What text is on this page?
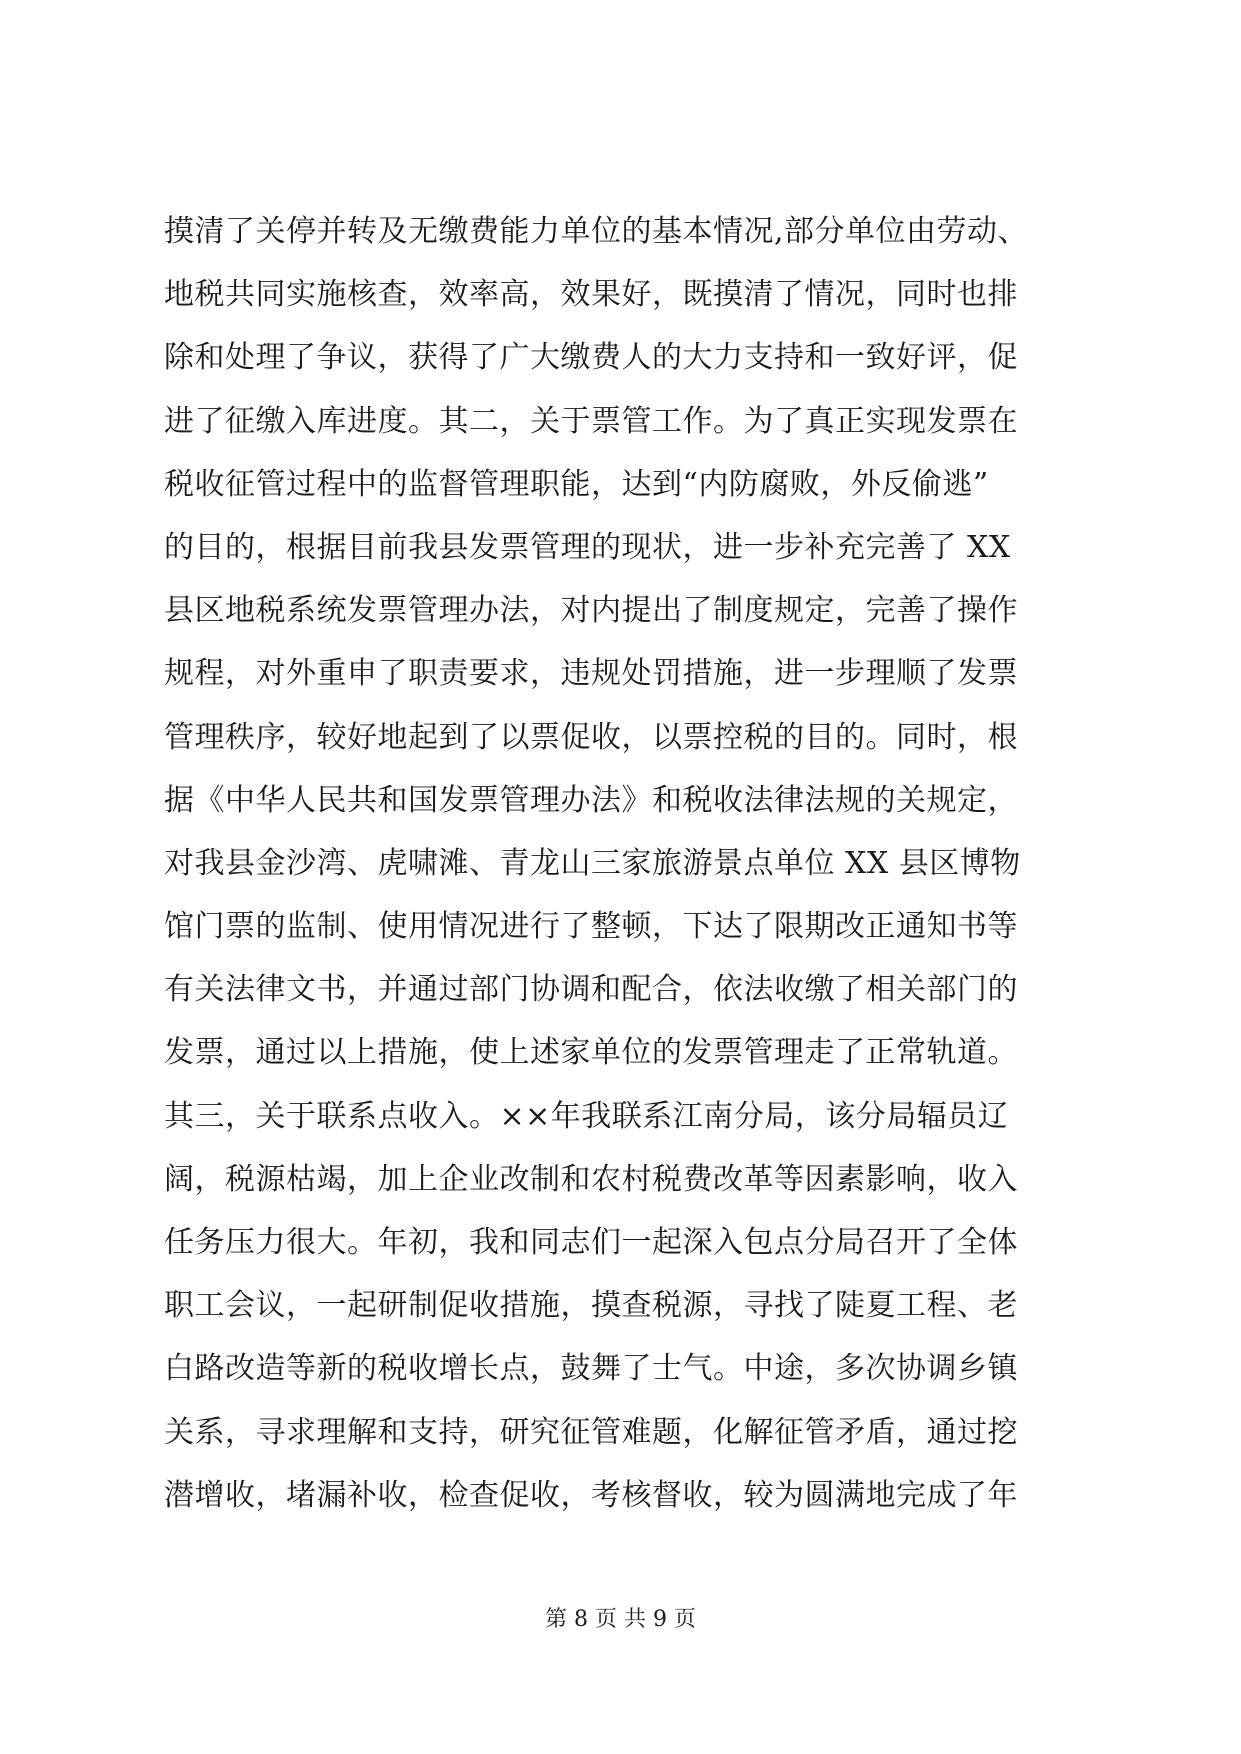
摸清了关停并转及无缴费能力单位的基本情况,部分单位由劳动、
地税共同实施核查，效率高，效果好，既摸清了情况，同时也排
除和处理了争议，获得了广大缴费人的大力支持和一致好评，促
进了征缴入库进度。其二，关于票管工作。为了真正实现发票在
税收征管过程中的监督管理职能，达到“内防腐败，外反偷逃”
的目的，根据目前我县发票管理的现状，进一步补充完善了 XX
县区地税系统发票管理办法，对内提出了制度规定，完善了操作
规程，对外重申了职责要求，违规处罚措施，进一步理顺了发票
管理秩序，较好地起到了以票促收，以票控税的目的。同时，根
据《中华人民共和国发票管理办法》和税收法律法规的关规定，
对我县金沙湾、虎啸滩、青龙山三家旅游景点单位 XX 县区博物
馆门票的监制、使用情况进行了整顿，下达了限期改正通知书等
有关法律文书，并通过部门协调和配合，依法收缴了相关部门的
发票，通过以上措施，使上述家单位的发票管理走了正常轨道。
其三，关于联系点收入。××年我联系江南分局，该分局辐员辽
阔，税源枯竭，加上企业改制和农村税费改革等因素影响，收入
任务压力很大。年初，我和同志们一起深入包点分局召开了全体
职工会议，一起研制促收措施，摸查税源，寻找了陡夏工程、老
白路改造等新的税收增长点，鼓舞了士气。中途，多次协调乡镇
关系，寻求理解和支持，研究征管难题，化解征管矛盾，通过挖
潜增收，堵漏补收，检查促收，考核督收，较为圆满地完成了年
第 8 页 共 9 页
